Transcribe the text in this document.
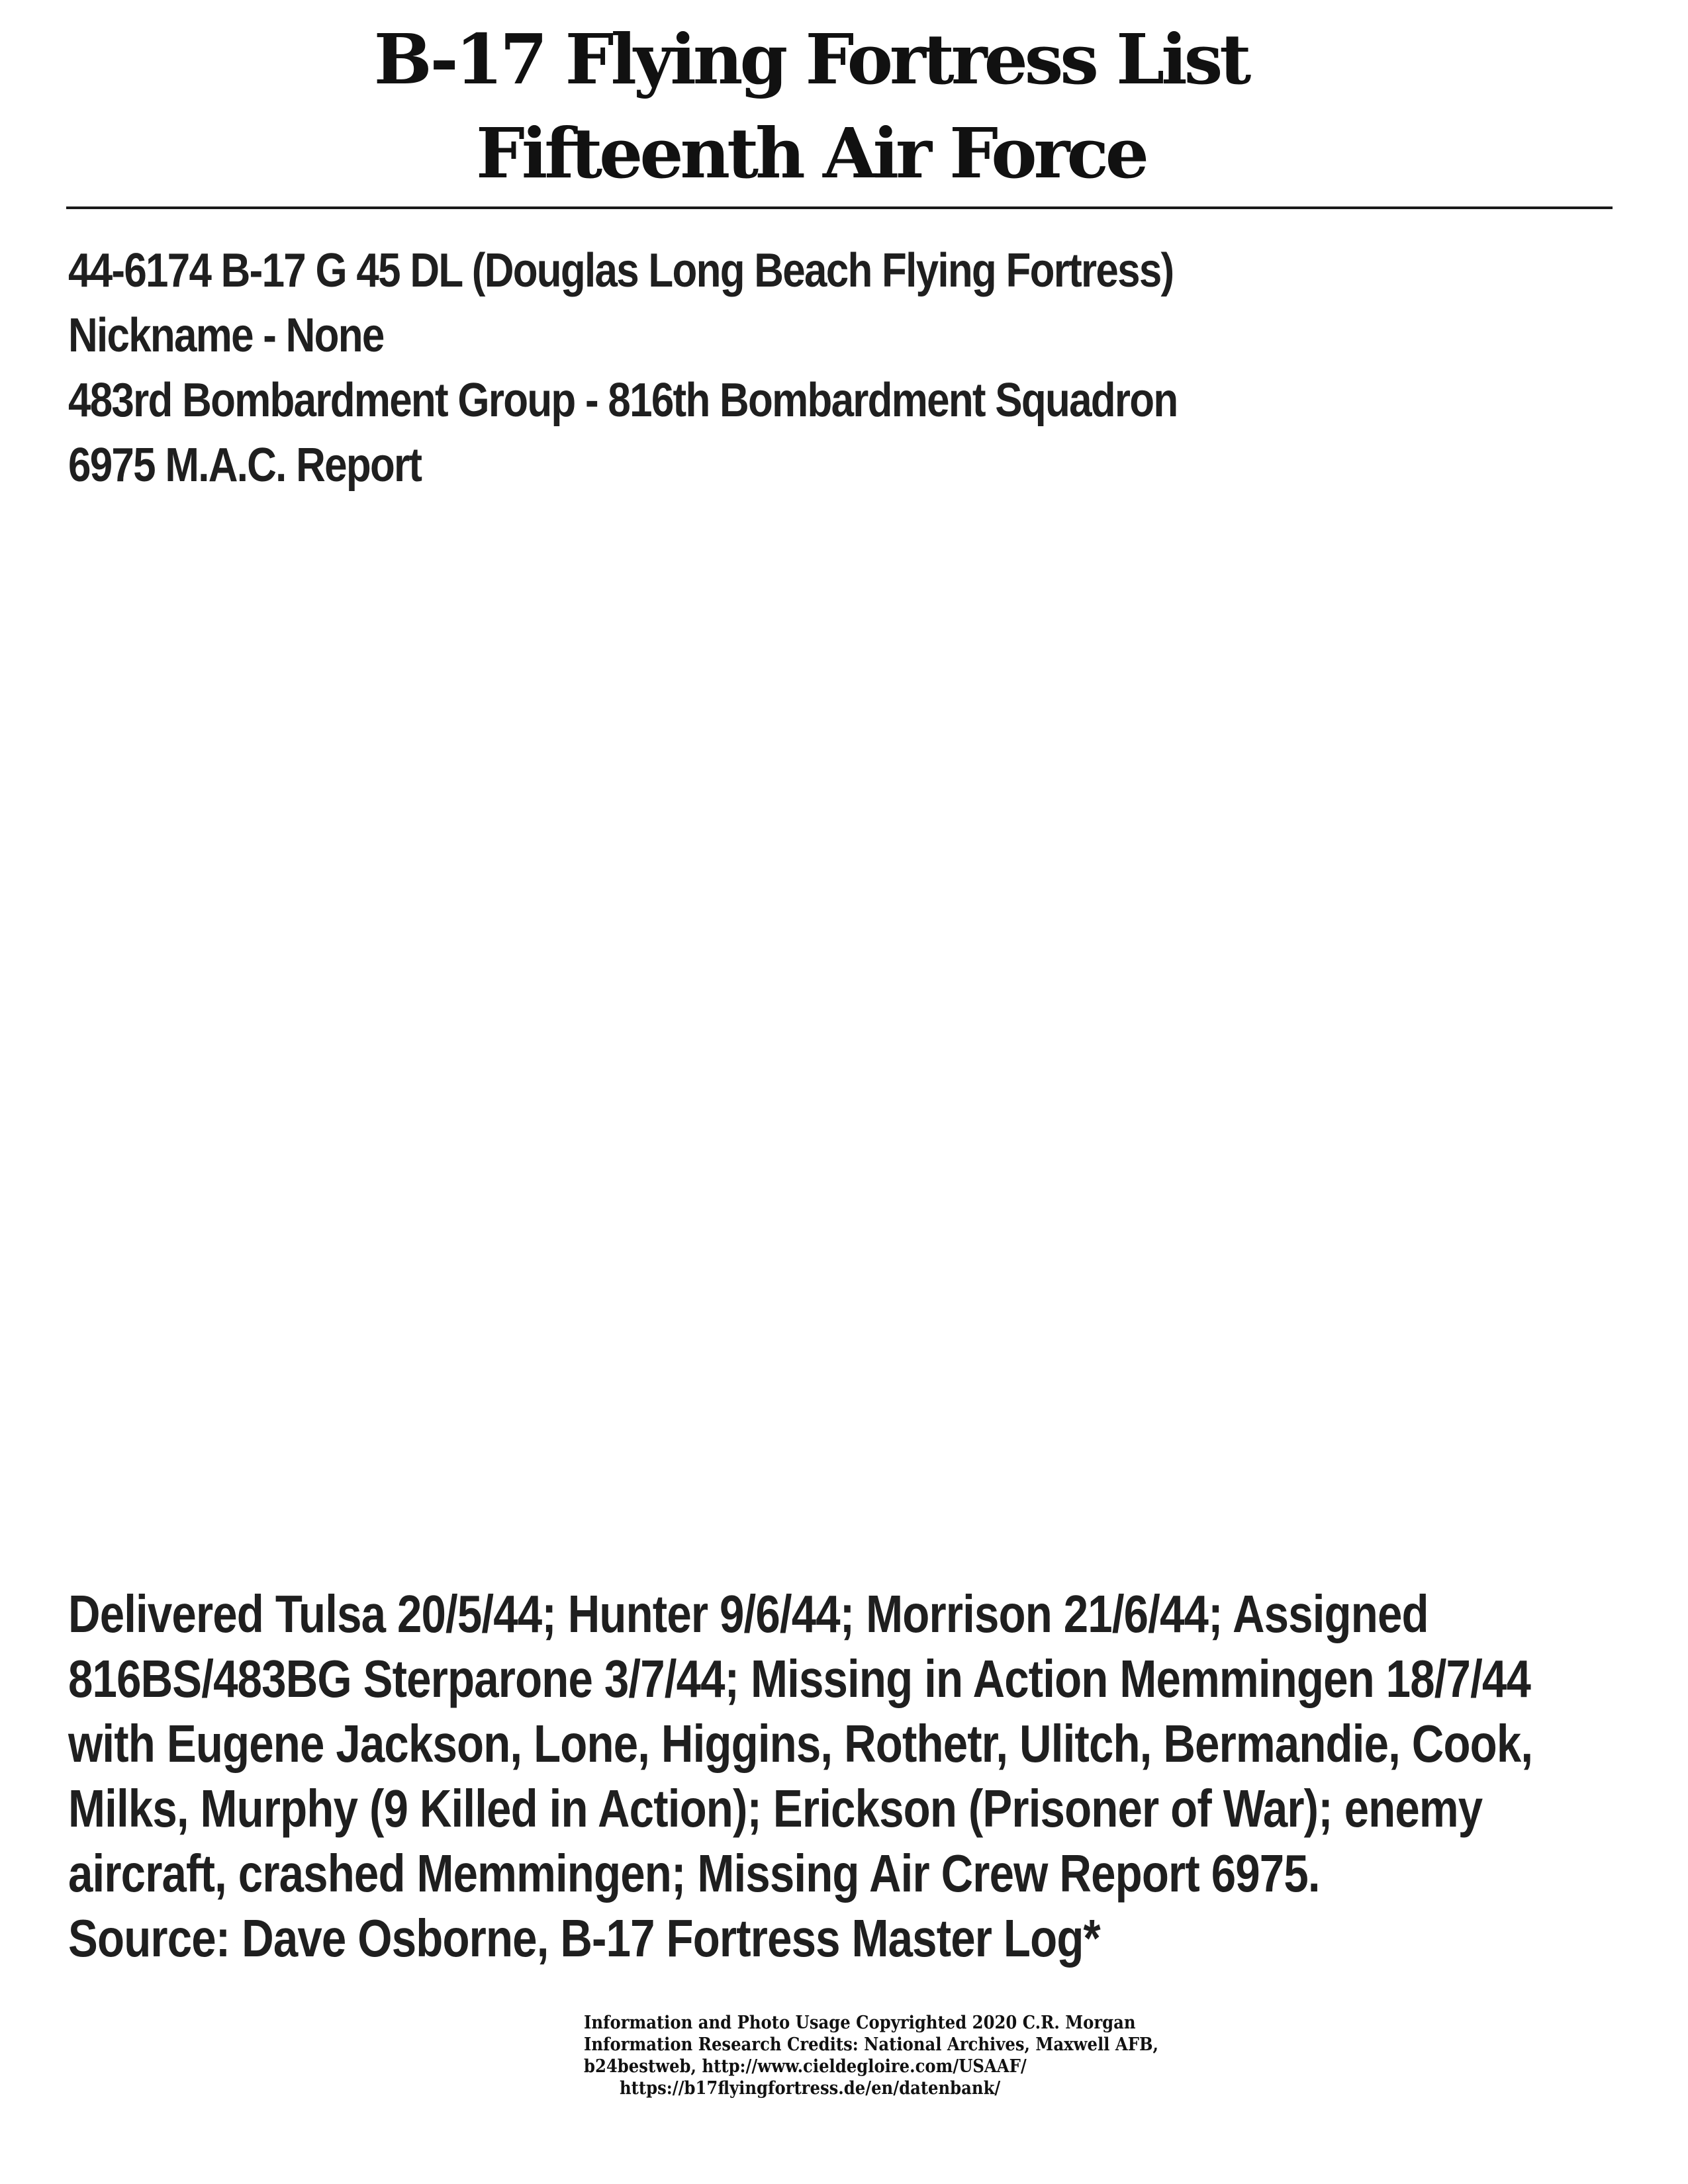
B-17 Flying Fortress List
Fifteenth Air Force
44-6174 B-17 G 45 DL (Douglas Long Beach Flying Fortress)
Nickname - None
483rd Bombardment Group - 816th Bombardment Squadron
6975 M.A.C. Report
Delivered Tulsa 20/5/44; Hunter 9/6/44; Morrison 21/6/44; Assigned
816BS/483BG Sterparone 3/7/44; Missing in Action Memmingen 18/7/44
with Eugene Jackson, Lone, Higgins, Rothetr, Ulitch, Bermandie, Cook,
Milks, Murphy (9 Killed in Action); Erickson (Prisoner of War); enemy
aircraft, crashed Memmingen; Missing Air Crew Report 6975.
Source: Dave Osborne, B-17 Fortress Master Log*
Information and Photo Usage Copyrighted 2020 C.R. Morgan
Information Research Credits: National Archives, Maxwell AFB,
b24bestweb, http://www.cieldegloire.com/USAAF/
https://b17flyingfortress.de/en/datenbank/
